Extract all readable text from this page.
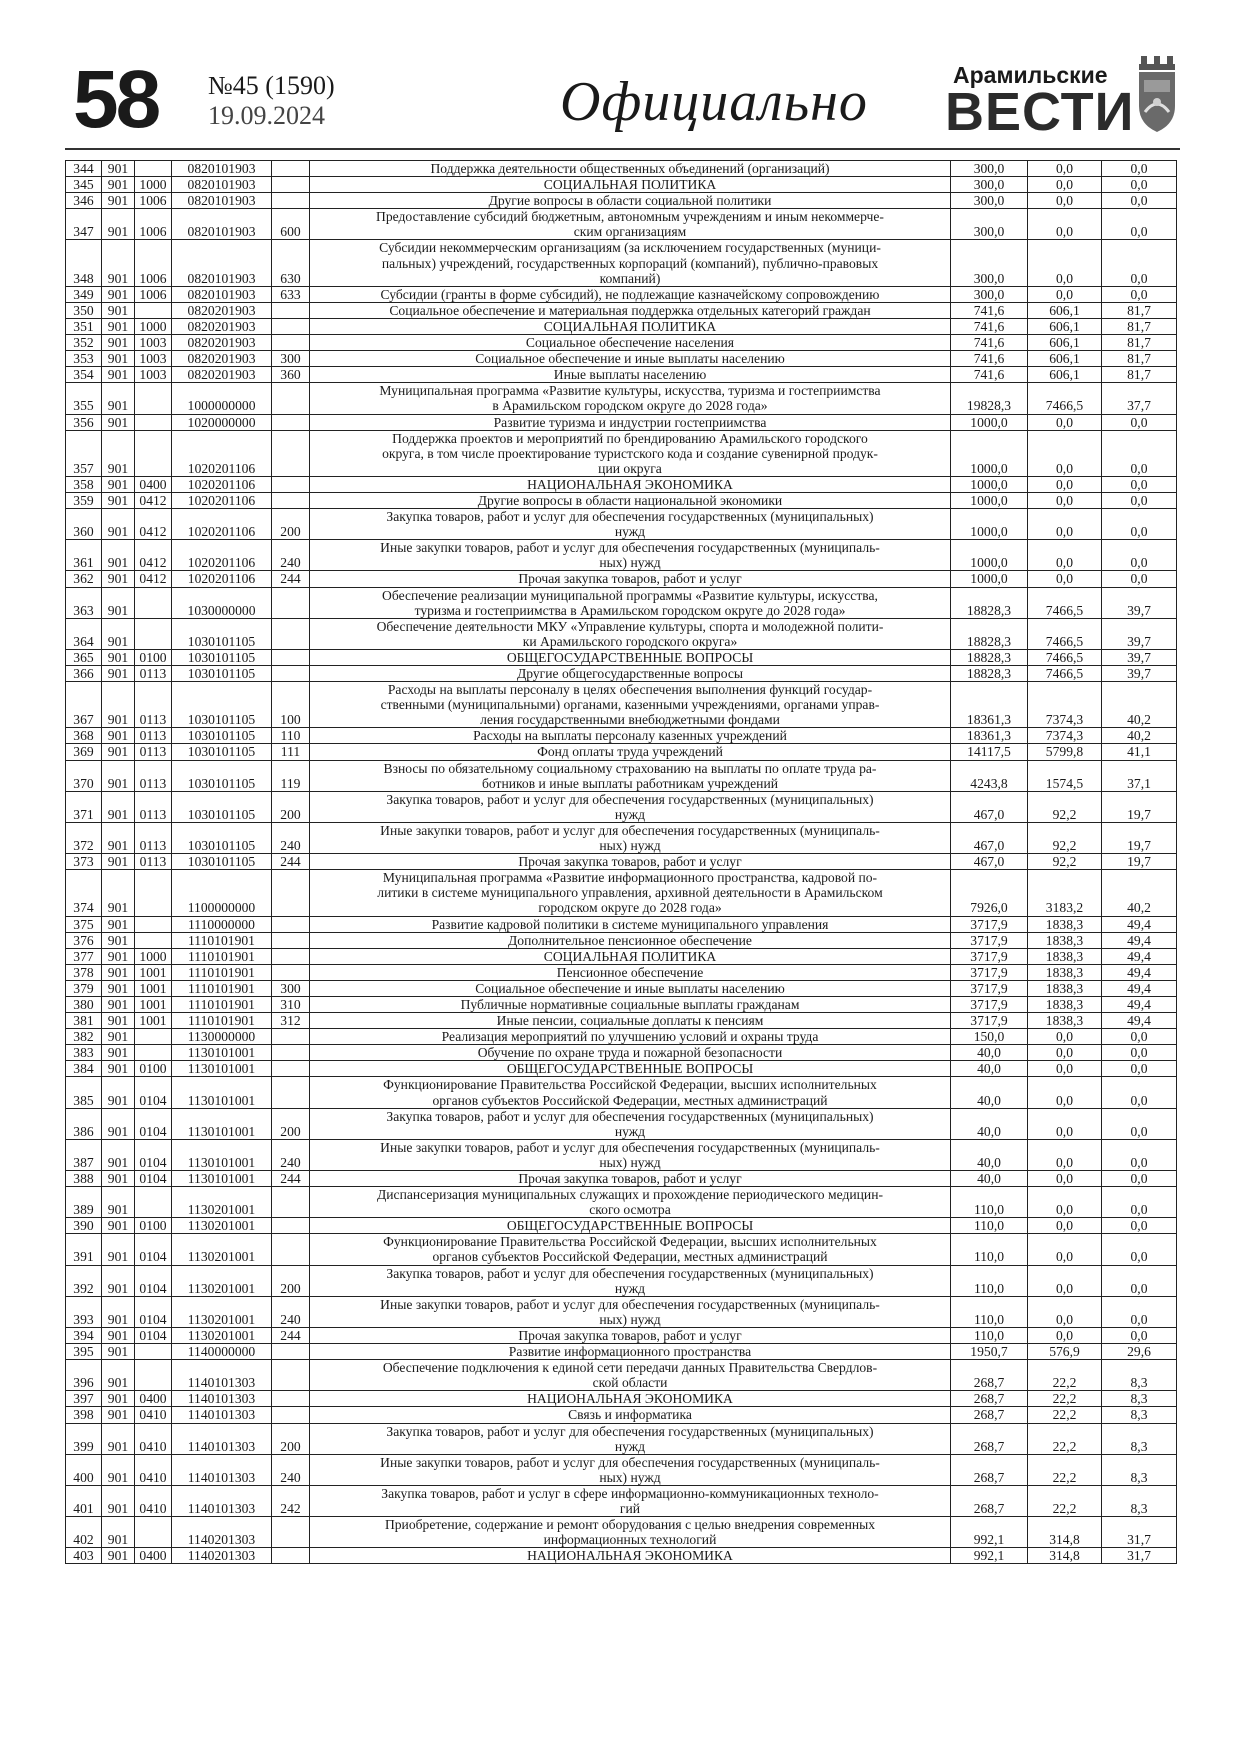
58 №45 (1590)
19.09.2024	Официально	Арамильские
ВЕСТИ
344	901		0820101903		Поддержка деятельности общественных объединений (организаций)	300,0	0,0	0,0
345	901	1000	0820101903		СОЦИАЛЬНАЯ ПОЛИТИКА	300,0	0,0	0,0
346	901	1006	0820101903		Другие вопросы в области социальной политики	300,0	0,0	0,0
347	901	1006	0820101903	600	Предоставление субсидий бюджетным, автономным учреждениям и иным некоммерче-
ским организациям	300,0	0,0	0,0
348	901	1006	0820101903	630	Субсидии некоммерческим организациям (за исключением государственных (муници-
пальных) учреждений, государственных корпораций (компаний), публично-правовых
компаний)	300,0	0,0	0,0
349	901	1006	0820101903	633	Субсидии (гранты в форме субсидий), не подлежащие казначейскому сопровождению	300,0	0,0	0,0
350	901		0820201903		Социальное обеспечение и материальная поддержка отдельных категорий граждан	741,6	606,1	81,7
351	901	1000	0820201903		СОЦИАЛЬНАЯ ПОЛИТИКА	741,6	606,1	81,7
352	901	1003	0820201903		Социальное обеспечение населения	741,6	606,1	81,7
353	901	1003	0820201903	300	Социальное обеспечение и иные выплаты населению	741,6	606,1	81,7
354	901	1003	0820201903	360	Иные выплаты населению	741,6	606,1	81,7
355	901		1000000000		Муниципальная программа «Развитие культуры, искусства, туризма и гостеприимства
в Арамильском городском округе до 2028 года»	19828,3	7466,5	37,7
356	901		1020000000		Развитие туризма и индустрии гостеприимства	1000,0	0,0	0,0
357	901		1020201106		Поддержка проектов и мероприятий по брендированию Арамильского городского
округа, в том числе проектирование туристского кода и создание сувенирной продук-
ции округа	1000,0	0,0	0,0
358	901	0400	1020201106		НАЦИОНАЛЬНАЯ ЭКОНОМИКА	1000,0	0,0	0,0
359	901	0412	1020201106		Другие вопросы в области национальной экономики	1000,0	0,0	0,0
360	901	0412	1020201106	200	Закупка товаров, работ и услуг для обеспечения государственных (муниципальных)
нужд	1000,0	0,0	0,0
361	901	0412	1020201106	240	Иные закупки товаров, работ и услуг для обеспечения государственных (муниципаль-
ных) нужд	1000,0	0,0	0,0
362	901	0412	1020201106	244	Прочая закупка товаров, работ и услуг	1000,0	0,0	0,0
363	901		1030000000		Обеспечение реализации муниципальной программы «Развитие культуры, искусства,
туризма и гостеприимства в Арамильском городском округе до 2028 года»	18828,3	7466,5	39,7
364	901		1030101105		Обеспечение деятельности МКУ «Управление культуры, спорта и молодежной полити-
ки Арамильского городского округа»	18828,3	7466,5	39,7
365	901	0100	1030101105		ОБЩЕГОСУДАРСТВЕННЫЕ ВОПРОСЫ	18828,3	7466,5	39,7
366	901	0113	1030101105		Другие общегосударственные вопросы	18828,3	7466,5	39,7
367	901	0113	1030101105	100	Расходы на выплаты персоналу в целях обеспечения выполнения функций государ-
ственными (муниципальными) органами, казенными учреждениями, органами управ-
ления государственными внебюджетными фондами	18361,3	7374,3	40,2
368	901	0113	1030101105	110	Расходы на выплаты персоналу казенных учреждений	18361,3	7374,3	40,2
369	901	0113	1030101105	111	Фонд оплаты труда учреждений	14117,5	5799,8	41,1
370	901	0113	1030101105	119	Взносы по обязательному социальному страхованию на выплаты по оплате труда ра-
ботников и иные выплаты работникам учреждений	4243,8	1574,5	37,1
371	901	0113	1030101105	200	Закупка товаров, работ и услуг для обеспечения государственных (муниципальных)
нужд	467,0	92,2	19,7
372	901	0113	1030101105	240	Иные закупки товаров, работ и услуг для обеспечения государственных (муниципаль-
ных) нужд	467,0	92,2	19,7
373	901	0113	1030101105	244	Прочая закупка товаров, работ и услуг	467,0	92,2	19,7
374	901		1100000000		Муниципальная программа «Развитие информационного пространства, кадровой по-
литики в системе муниципального управления, архивной деятельности в Арамильском
городском округе до 2028 года»	7926,0	3183,2	40,2
375	901		1110000000		Развитие кадровой политики в системе муниципального управления	3717,9	1838,3	49,4
376	901		1110101901		Дополнительное пенсионное обеспечение	3717,9	1838,3	49,4
377	901	1000	1110101901		СОЦИАЛЬНАЯ ПОЛИТИКА	3717,9	1838,3	49,4
378	901	1001	1110101901		Пенсионное обеспечение	3717,9	1838,3	49,4
379	901	1001	1110101901	300	Социальное обеспечение и иные выплаты населению	3717,9	1838,3	49,4
380	901	1001	1110101901	310	Публичные нормативные социальные выплаты гражданам	3717,9	1838,3	49,4
381	901	1001	1110101901	312	Иные пенсии, социальные доплаты к пенсиям	3717,9	1838,3	49,4
382	901		1130000000		Реализация мероприятий по улучшению условий и охраны труда	150,0	0,0	0,0
383	901		1130101001		Обучение по охране труда и пожарной безопасности	40,0	0,0	0,0
384	901	0100	1130101001		ОБЩЕГОСУДАРСТВЕННЫЕ ВОПРОСЫ	40,0	0,0	0,0
385	901	0104	1130101001		Функционирование Правительства Российской Федерации, высших исполнительных
органов субъектов Российской Федерации, местных администраций	40,0	0,0	0,0
386	901	0104	1130101001	200	Закупка товаров, работ и услуг для обеспечения государственных (муниципальных)
нужд	40,0	0,0	0,0
387	901	0104	1130101001	240	Иные закупки товаров, работ и услуг для обеспечения государственных (муниципаль-
ных) нужд	40,0	0,0	0,0
388	901	0104	1130101001	244	Прочая закупка товаров, работ и услуг	40,0	0,0	0,0
389	901		1130201001		Диспансеризация муниципальных служащих и прохождение периодического медицин-
ского осмотра	110,0	0,0	0,0
390	901	0100	1130201001		ОБЩЕГОСУДАРСТВЕННЫЕ ВОПРОСЫ	110,0	0,0	0,0
391	901	0104	1130201001		Функционирование Правительства Российской Федерации, высших исполнительных
органов субъектов Российской Федерации, местных администраций	110,0	0,0	0,0
392	901	0104	1130201001	200	Закупка товаров, работ и услуг для обеспечения государственных (муниципальных)
нужд	110,0	0,0	0,0
393	901	0104	1130201001	240	Иные закупки товаров, работ и услуг для обеспечения государственных (муниципаль-
ных) нужд	110,0	0,0	0,0
394	901	0104	1130201001	244	Прочая закупка товаров, работ и услуг	110,0	0,0	0,0
395	901		1140000000		Развитие информационного пространства	1950,7	576,9	29,6
396	901		1140101303		Обеспечение подключения к единой сети передачи данных Правительства Свердлов-
ской области	268,7	22,2	8,3
397	901	0400	1140101303		НАЦИОНАЛЬНАЯ ЭКОНОМИКА	268,7	22,2	8,3
398	901	0410	1140101303		Связь и информатика	268,7	22,2	8,3
399	901	0410	1140101303	200	Закупка товаров, работ и услуг для обеспечения государственных (муниципальных)
нужд	268,7	22,2	8,3
400	901	0410	1140101303	240	Иные закупки товаров, работ и услуг для обеспечения государственных (муниципаль-
ных) нужд	268,7	22,2	8,3
401	901	0410	1140101303	242	Закупка товаров, работ и услуг в сфере информационно-коммуникационных техноло-
гий	268,7	22,2	8,3
402	901		1140201303		Приобретение, содержание и ремонт оборудования с целью внедрения современных
информационных технологий	992,1	314,8	31,7
403	901	0400	1140201303		НАЦИОНАЛЬНАЯ ЭКОНОМИКА	992,1	314,8	31,7
